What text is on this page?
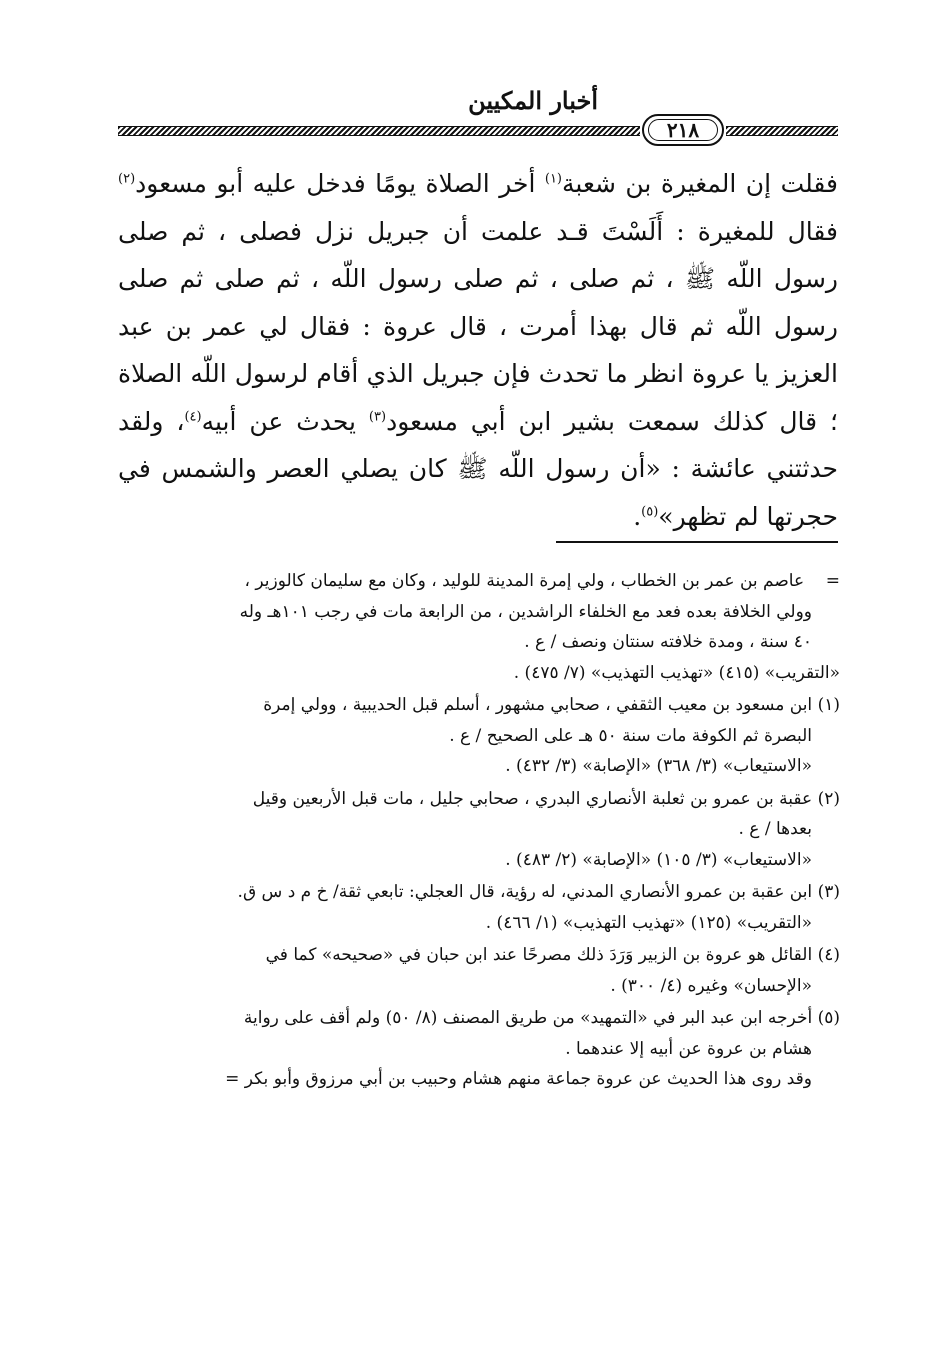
أخبار المكيين
٢١٨

فقلت إن المغيرة بن شعبة$^{(١)}$ أخر الصلاة يومًا فدخل عليه أبو مسعود$^{(٢)}$ فقال للمغيرة : أَلَسْتَ قـد علمت أن جبريل نزل فصلى ، ثم صلى رسول اللّه ﷺ ، ثم صلى ، ثم صلى رسول اللّه ، ثم صلى ثم صلى رسول اللّه ثم قال بهذا أمرت ، قال عروة : فقال لي عمر بن عبد العزيز يا عروة انظر ما تحدث فإن جبريل الذي أقام لرسول اللّه الصلاة ؛ قال كذلك سمعت بشير ابن أبي مسعود$^{(٣)}$ يحدث عن أبيه$^{(٤)}$، ولقد حدثتني عائشة : «أن رسول اللّه ﷺ كان يصلي العصر والشمس في حجرتها لم تظهر»$^{(٥)}$.

=    عاصم بن عمر بن الخطاب ، ولي إمرة المدينة للوليد ، وكان مع سليمان كالوزير ،

وولي الخلافة بعده فعد مع الخلفاء الراشدين ، من الرابعة مات في رجب ١٠١هـ وله

٤٠ سنة ، ومدة خلافته سنتان ونصف / ع .

«التقريب» (٤١٥) «تهذيب التهذيب» (٧/ ٤٧٥) .

(١) ابن مسعود بن معيب الثقفي ، صحابي مشهور ، أسلم قبل الحديبية ، وولي إمرة

البصرة ثم الكوفة مات سنة ٥٠ هـ على الصحيح / ع .

«الاستيعاب» (٣/ ٣٦٨) «الإصابة» (٣/ ٤٣٢) .

(٢) عقبة بن عمرو بن ثعلبة الأنصاري البدري ، صحابي جليل ، مات قبل الأربعين وقيل

بعدها / ع .

«الاستيعاب» (٣/ ١٠٥) «الإصابة» (٢/ ٤٨٣) .

(٣) ابن عقبة بن عمرو الأنصاري المدني، له رؤية، قال العجلي: تابعي ثقة/ خ م د س ق.

«التقريب» (١٢٥) «تهذيب التهذيب» (١/ ٤٦٦) .

(٤) القائل هو عروة بن الزبير وَرَدَ ذلك مصرحًا عند ابن حبان في «صحيحه» كما في

«الإحسان» وغيره (٤/ ٣٠٠) .

(٥) أخرجه ابن عبد البر في «التمهيد» من طريق المصنف (٨/ ٥٠) ولم أقف على رواية

هشام بن عروة عن أبيه إلا عندهما .

وقد روى هذا الحديث عن عروة جماعة منهم هشام وحبيب بن أبي مرزوق وأبو بكر =
